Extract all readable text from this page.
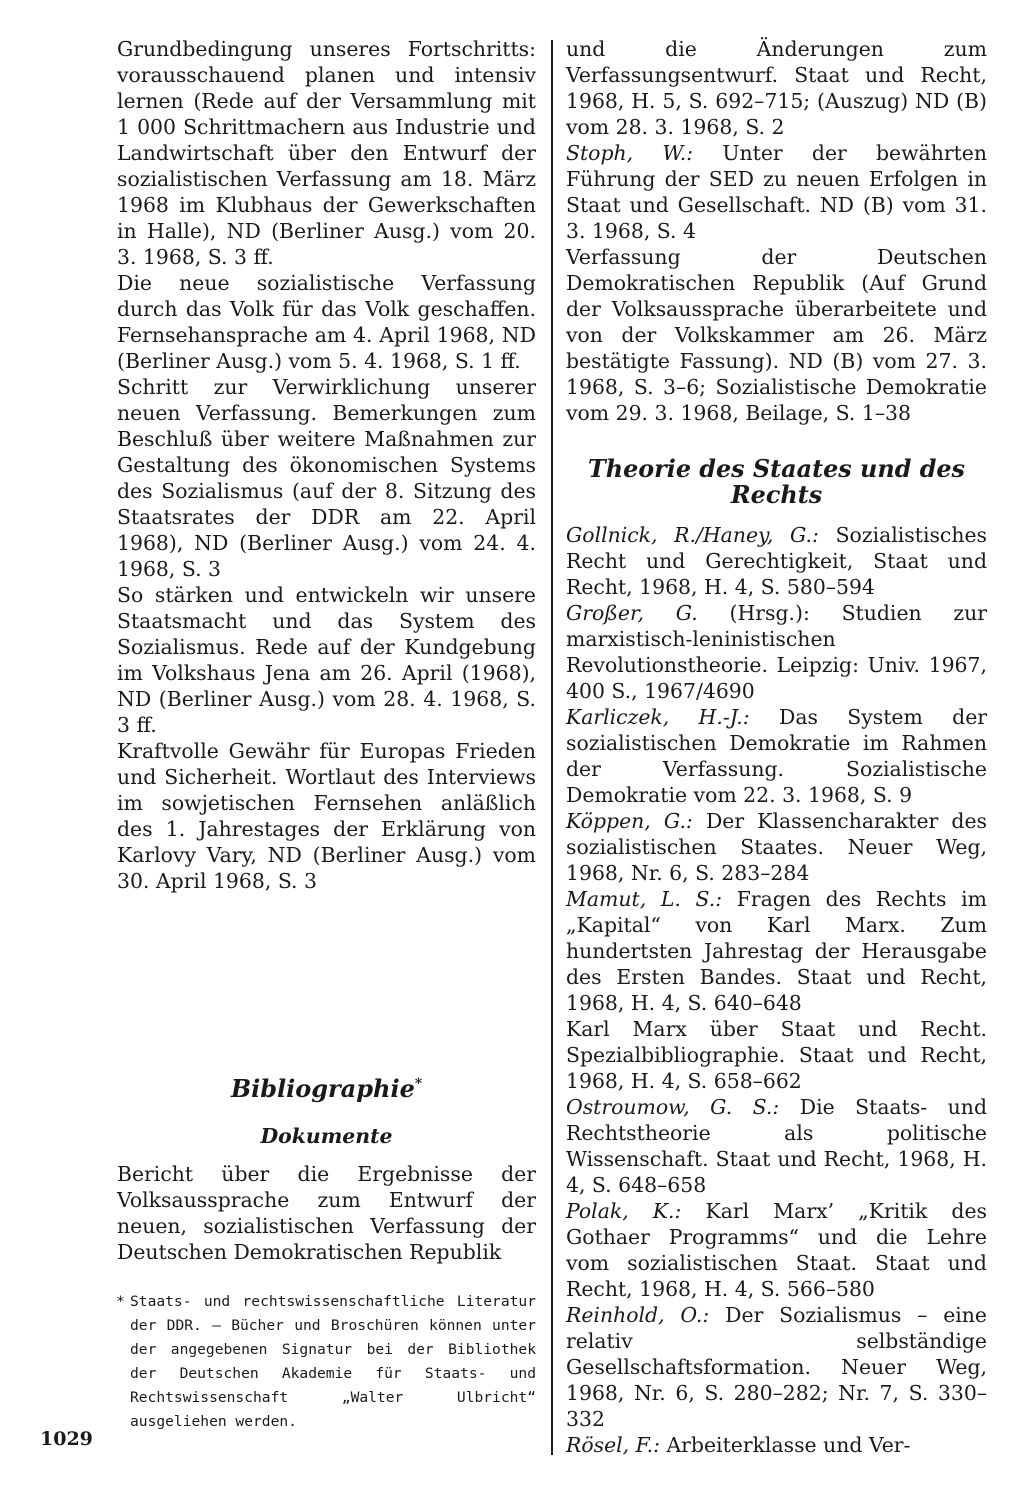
Grundbedingung unseres Fortschritts: vorausschauend planen und intensiv lernen (Rede auf der Versammlung mit 1 000 Schrittmachern aus Industrie und Landwirtschaft über den Entwurf der sozialistischen Verfassung am 18. März 1968 im Klubhaus der Gewerkschaften in Halle), ND (Berliner Ausg.) vom 20. 3. 1968, S. 3 ff.

Die neue sozialistische Verfassung durch das Volk für das Volk geschaffen. Fernsehansprache am 4. April 1968, ND (Berliner Ausg.) vom 5. 4. 1968, S. 1 ff.

Schritt zur Verwirklichung unserer neuen Verfassung. Bemerkungen zum Beschluß über weitere Maßnahmen zur Gestaltung des ökonomischen Systems des Sozialismus (auf der 8. Sitzung des Staatsrates der DDR am 22. April 1968), ND (Berliner Ausg.) vom 24. 4. 1968, S. 3

So stärken und entwickeln wir unsere Staatsmacht und das System des Sozialismus. Rede auf der Kundgebung im Volkshaus Jena am 26. April (1968), ND (Berliner Ausg.) vom 28. 4. 1968, S. 3 ff.

Kraftvolle Gewähr für Europas Frieden und Sicherheit. Wortlaut des Interviews im sowjetischen Fernsehen anläßlich des 1. Jahrestages der Erklärung von Karlovy Vary, ND (Berliner Ausg.) vom 30. April 1968, S. 3

Bibliographie*
Dokumente

Bericht über die Ergebnisse der Volksaussprache zum Entwurf der neuen, sozialistischen Verfassung der Deutschen Demokratischen Republik

* Staats- und rechtswissenschaftliche Literatur der DDR. – Bücher und Broschüren können unter der angegebenen Signatur bei der Bibliothek der Deutschen Akademie für Staats- und Rechtswissenschaft „Walter Ulbricht“ ausgeliehen werden.
1029

und die Änderungen zum Verfassungsentwurf. Staat und Recht, 1968, H. 5, S. 692–715; (Auszug) ND (B) vom 28. 3. 1968, S. 2

Stoph, W.: Unter der bewährten Führung der SED zu neuen Erfolgen in Staat und Gesellschaft. ND (B) vom 31. 3. 1968, S. 4

Verfassung der Deutschen Demokratischen Republik (Auf Grund der Volksaussprache überarbeitete und von der Volkskammer am 26. März bestätigte Fassung). ND (B) vom 27. 3. 1968, S. 3–6; Sozialistische Demokratie vom 29. 3. 1968, Beilage, S. 1–38

Theorie des Staates und des Rechts

Gollnick, R./Haney, G.: Sozialistisches Recht und Gerechtigkeit, Staat und Recht, 1968, H. 4, S. 580–594

Großer, G. (Hrsg.): Studien zur marxistisch-leninistischen Revolutionstheorie. Leipzig: Univ. 1967, 400 S., 1967/4690

Karliczek, H.-J.: Das System der sozialistischen Demokratie im Rahmen der Verfassung. Sozialistische Demokratie vom 22. 3. 1968, S. 9

Köppen, G.: Der Klassencharakter des sozialistischen Staates. Neuer Weg, 1968, Nr. 6, S. 283–284

Mamut, L. S.: Fragen des Rechts im „Kapital“ von Karl Marx. Zum hundertsten Jahrestag der Herausgabe des Ersten Bandes. Staat und Recht, 1968, H. 4, S. 640–648

Karl Marx über Staat und Recht. Spezialbibliographie. Staat und Recht, 1968, H. 4, S. 658–662

Ostroumow, G. S.: Die Staats- und Rechtstheorie als politische Wissenschaft. Staat und Recht, 1968, H. 4, S. 648–658

Polak, K.: Karl Marx’ „Kritik des Gothaer Programms“ und die Lehre vom sozialistischen Staat. Staat und Recht, 1968, H. 4, S. 566–580

Reinhold, O.: Der Sozialismus – eine relativ selbständige Gesellschaftsformation. Neuer Weg, 1968, Nr. 6, S. 280–282; Nr. 7, S. 330–332

Rösel, F.: Arbeiterklasse und Ver-
